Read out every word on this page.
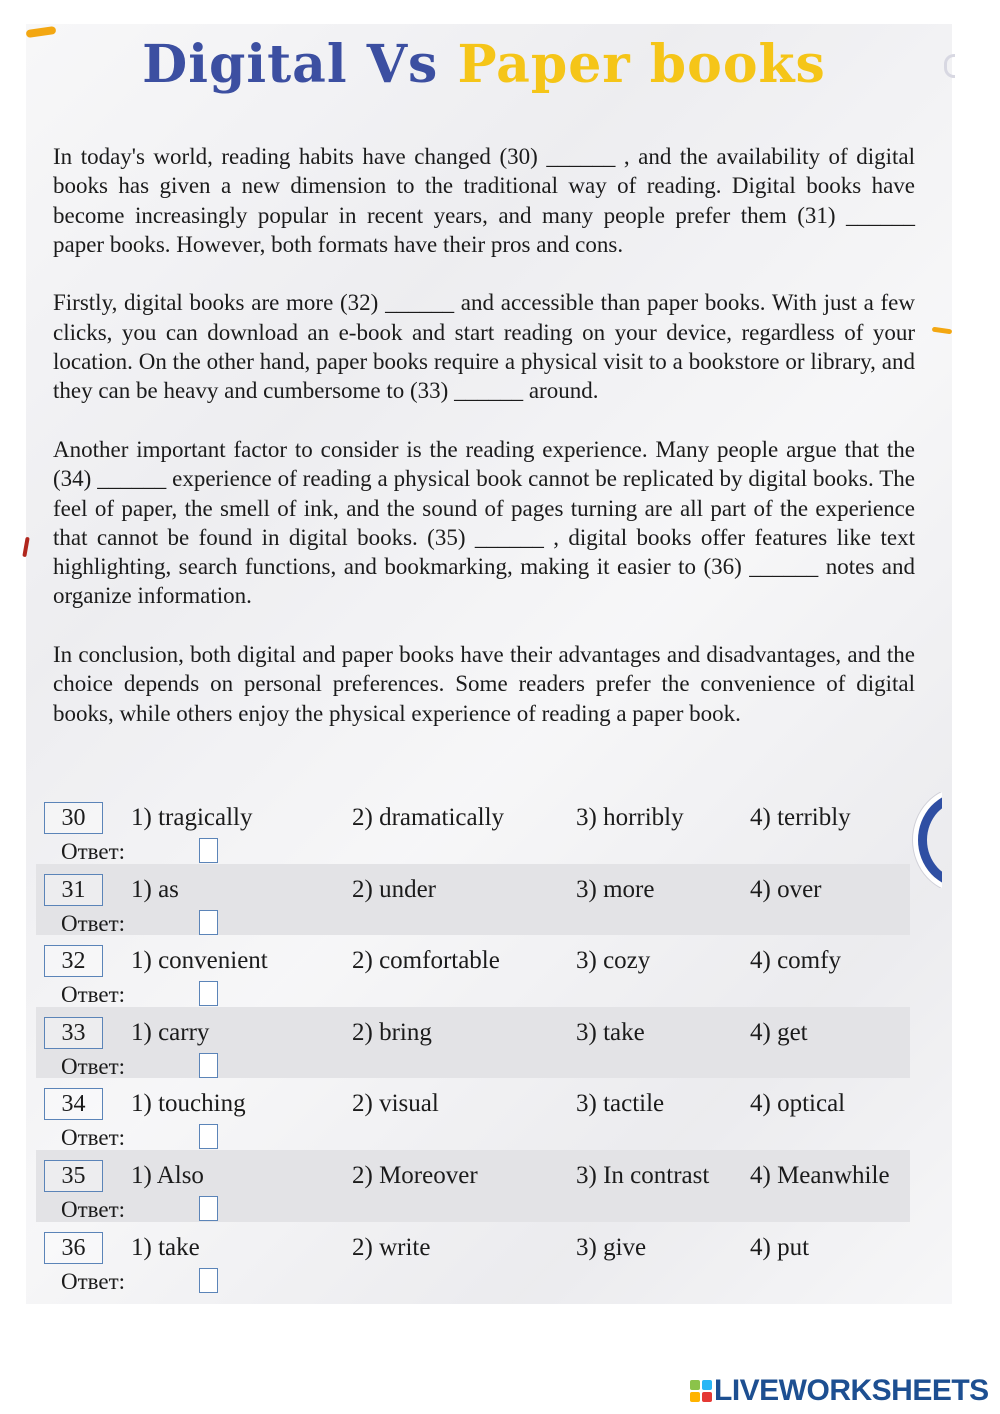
Digital Vs Paper books

In today's world, reading habits have changed (30) ______ , and the availability of digital books has given a new dimension to the traditional way of reading. Digital books have become increasingly popular in recent years, and many people prefer them (31) ______ paper books. However, both formats have their pros and cons.

Firstly, digital books are more (32) ______ and accessible than paper books. With just a few clicks, you can download an e-book and start reading on your device, regardless of your location. On the other hand, paper books require a physical visit to a bookstore or library, and they can be heavy and cumbersome to (33) ______ around.

Another important factor to consider is the reading experience. Many people argue that the (34) ______ experience of reading a physical book cannot be replicated by digital books. The feel of paper, the smell of ink, and the sound of pages turning are all part of the experience that cannot be found in digital books. (35) ______ , digital books offer features like text highlighting, search functions, and bookmarking, making it easier to (36) ______ notes and organize information.

In conclusion, both digital and paper books have their advantages and disadvantages, and the choice depends on personal preferences. Some readers prefer the convenience of digital books, while others enjoy the physical experience of reading a paper book.

30	1) tragically	2) dramatically	3) horribly	4) terribly
Ответ:
31	1) as	2) under	3) more	4) over
Ответ:
32	1) convenient	2) comfortable	3) cozy	4) comfy
Ответ:
33	1) carry	2) bring	3) take	4) get
Ответ:
34	1) touching	2) visual	3) tactile	4) optical
Ответ:
35	1) Also	2) Moreover	3) In contrast 4) Meanwhile
Ответ:
36	1) take	2) write	3) give	4) put
Ответ:
LIVEWORKSHEETS
